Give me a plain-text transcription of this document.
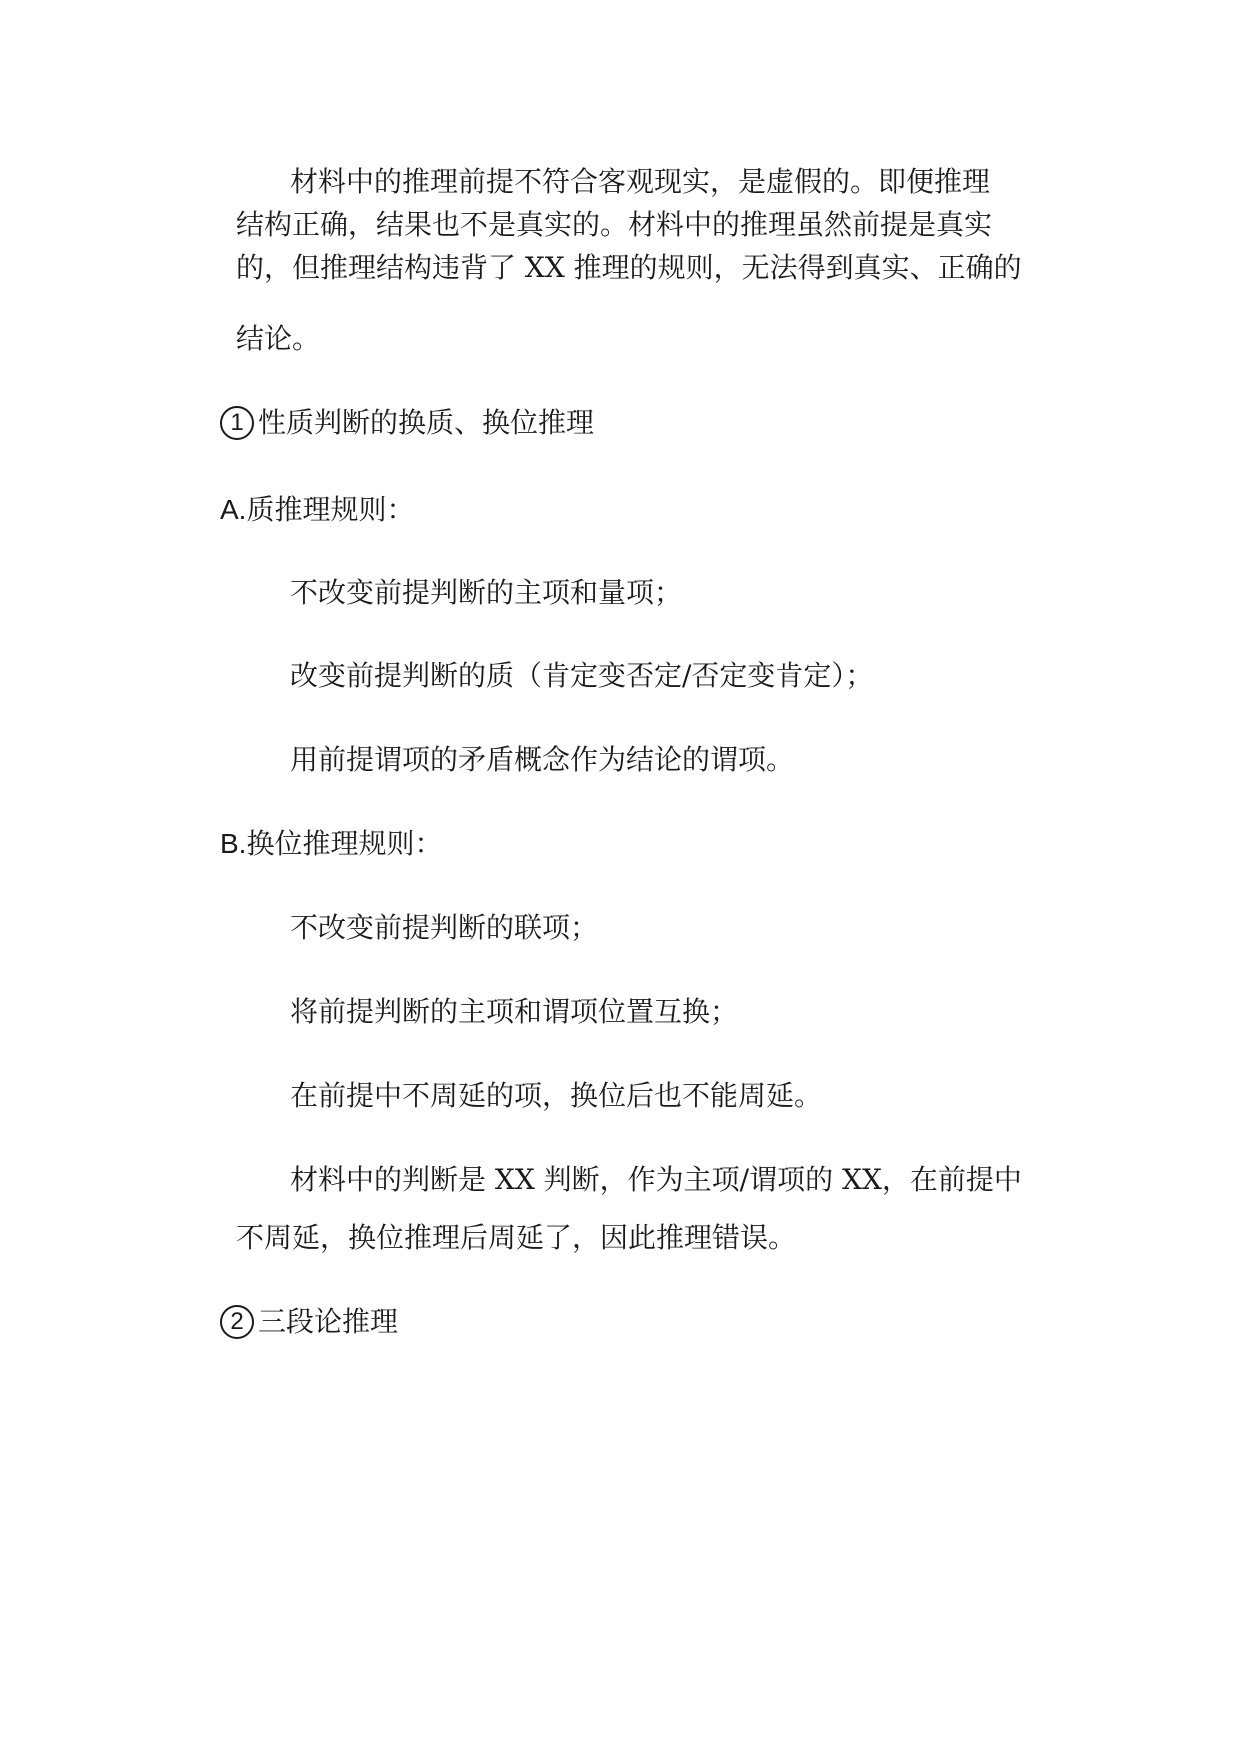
材料中的推理前提不符合客观现实，是虚假的。即便推理
结构正确，结果也不是真实的。材料中的推理虽然前提是真实
的，但推理结构违背了 XX 推理的规则，无法得到真实、正确的
结论。
1 性质判断的换质、换位推理
A.质推理规则：
不改变前提判断的主项和量项；
改变前提判断的质（肯定变否定/否定变肯定）；
用前提谓项的矛盾概念作为结论的谓项。
B.换位推理规则：
不改变前提判断的联项；
将前提判断的主项和谓项位置互换；
在前提中不周延的项，换位后也不能周延。
材料中的判断是 XX 判断，作为主项/谓项的 XX，在前提中
不周延，换位推理后周延了，因此推理错误。
2 三段论推理
